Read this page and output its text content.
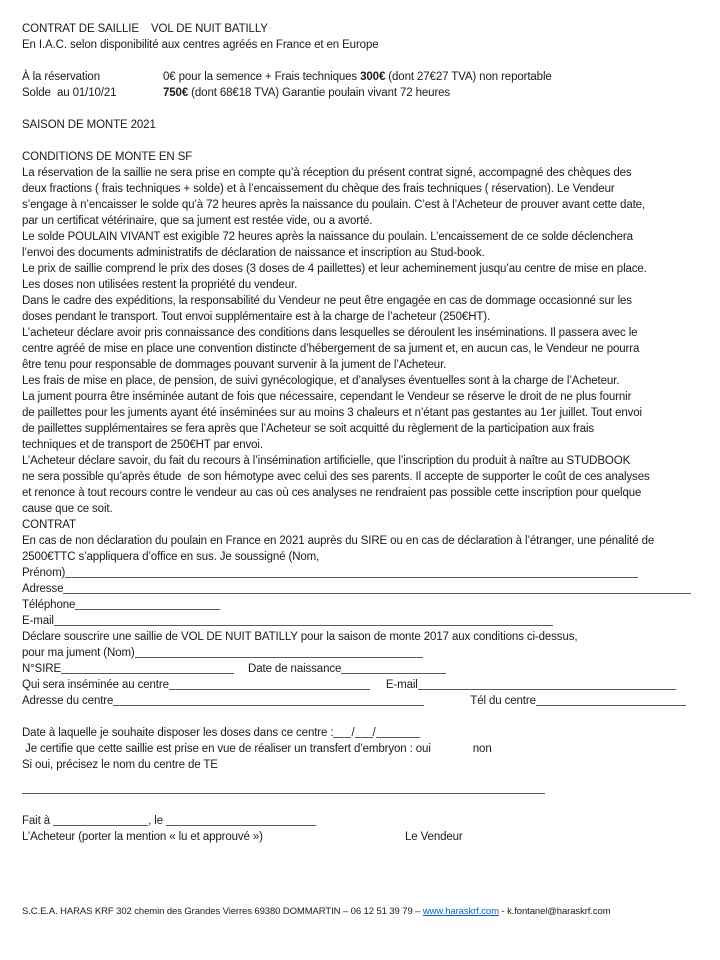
CONTRAT DE SAILLIE VOL DE NUIT BATILLY
En I.A.C. selon disponibilité aux centres agréés en France et en Europe

À la réservation	0€ pour la semence + Frais techniques 300€ (dont 27€27 TVA) non reportable
Solde  au 01/10/21	750€ (dont 68€18 TVA) Garantie poulain vivant 72 heures

SAISON DE MONTE 2021

CONDITIONS DE MONTE EN SF
La réservation de la saillie ne sera prise en compte qu’à réception du présent contrat signé, accompagné des chèques des
deux fractions ( frais techniques + solde) et à l’encaissement du chèque des frais techniques ( réservation). Le Vendeur
s’engage à n’encaisser le solde qu’à 72 heures après la naissance du poulain. C’est à l’Acheteur de prouver avant cette date,
par un certificat vétérinaire, que sa jument est restée vide, ou a avorté.
Le solde POULAIN VIVANT est exigible 72 heures après la naissance du poulain. L’encaissement de ce solde déclenchera
l’envoi des documents administratifs de déclaration de naissance et inscription au Stud-book.
Le prix de saillie comprend le prix des doses (3 doses de 4 paillettes) et leur acheminement jusqu’au centre de mise en place.
Les doses non utilisées restent la propriété du vendeur.
Dans le cadre des expéditions, la responsabilité du Vendeur ne peut être engagée en cas de dommage occasionné sur les
doses pendant le transport. Tout envoi supplémentaire est à la charge de l’acheteur (250€HT).
L’acheteur déclare avoir pris connaissance des conditions dans lesquelles se déroulent les inséminations. Il passera avec le
centre agréé de mise en place une convention distincte d’hébergement de sa jument et, en aucun cas, le Vendeur ne pourra
être tenu pour responsable de dommages pouvant survenir à la jument de l’Acheteur.
Les frais de mise en place, de pension, de suivi gynécologique, et d’analyses éventuelles sont à la charge de l’Acheteur.
La jument pourra être inséminée autant de fois que nécessaire, cependant le Vendeur se réserve le droit de ne plus fournir
de paillettes pour les juments ayant été inséminées sur au moins 3 chaleurs et n’étant pas gestantes au 1er juillet. Tout envoi
de paillettes supplémentaires se fera après que l’Acheteur se soit acquitté du règlement de la participation aux frais
techniques et de transport de 250€HT par envoi.
L’Acheteur déclare savoir, du fait du recours à l’insémination artificielle, que l’inscription du produit à naître au STUDBOOK
ne sera possible qu’après étude  de son hémotype avec celui des ses parents. Il accepte de supporter le coût de ces analyses
et renonce à tout recours contre le vendeur au cas où ces analyses ne rendraient pas possible cette inscription pour quelque
cause que ce soit.
CONTRAT
En cas de non déclaration du poulain en France en 2021 auprès du SIRE ou en cas de déclaration à l’étranger, une pénalité de
2500€TTC s’appliquera d’office en sus. Je soussigné (Nom,
Prénom)
Adresse
Téléphone
E-mail
Déclare souscrire une saillie de VOL DE NUIT BATILLY pour la saison de monte 2017 aux conditions ci-dessus,
pour ma jument (Nom)
N°SIRE	Date de naissance
Qui sera inséminée au centre	E-mail
Adresse du centre	Tél du centre

Date à laquelle je souhaite disposer les doses dans ce centre : / /
Je certifie que cette saillie est prise en vue de réaliser un transfert d’embryon : oui	non
Si oui, précisez le nom du centre de TE

Fait à	, le
L’Acheteur (porter la mention « lu et approuvé »)	Le Vendeur
S.C.E.A. HARAS KRF 302 chemin des Grandes Vierres 69380 DOMMARTIN – 06 12 51 39 79 – www.haraskrf.com - k.fontanel@haraskrf.com
